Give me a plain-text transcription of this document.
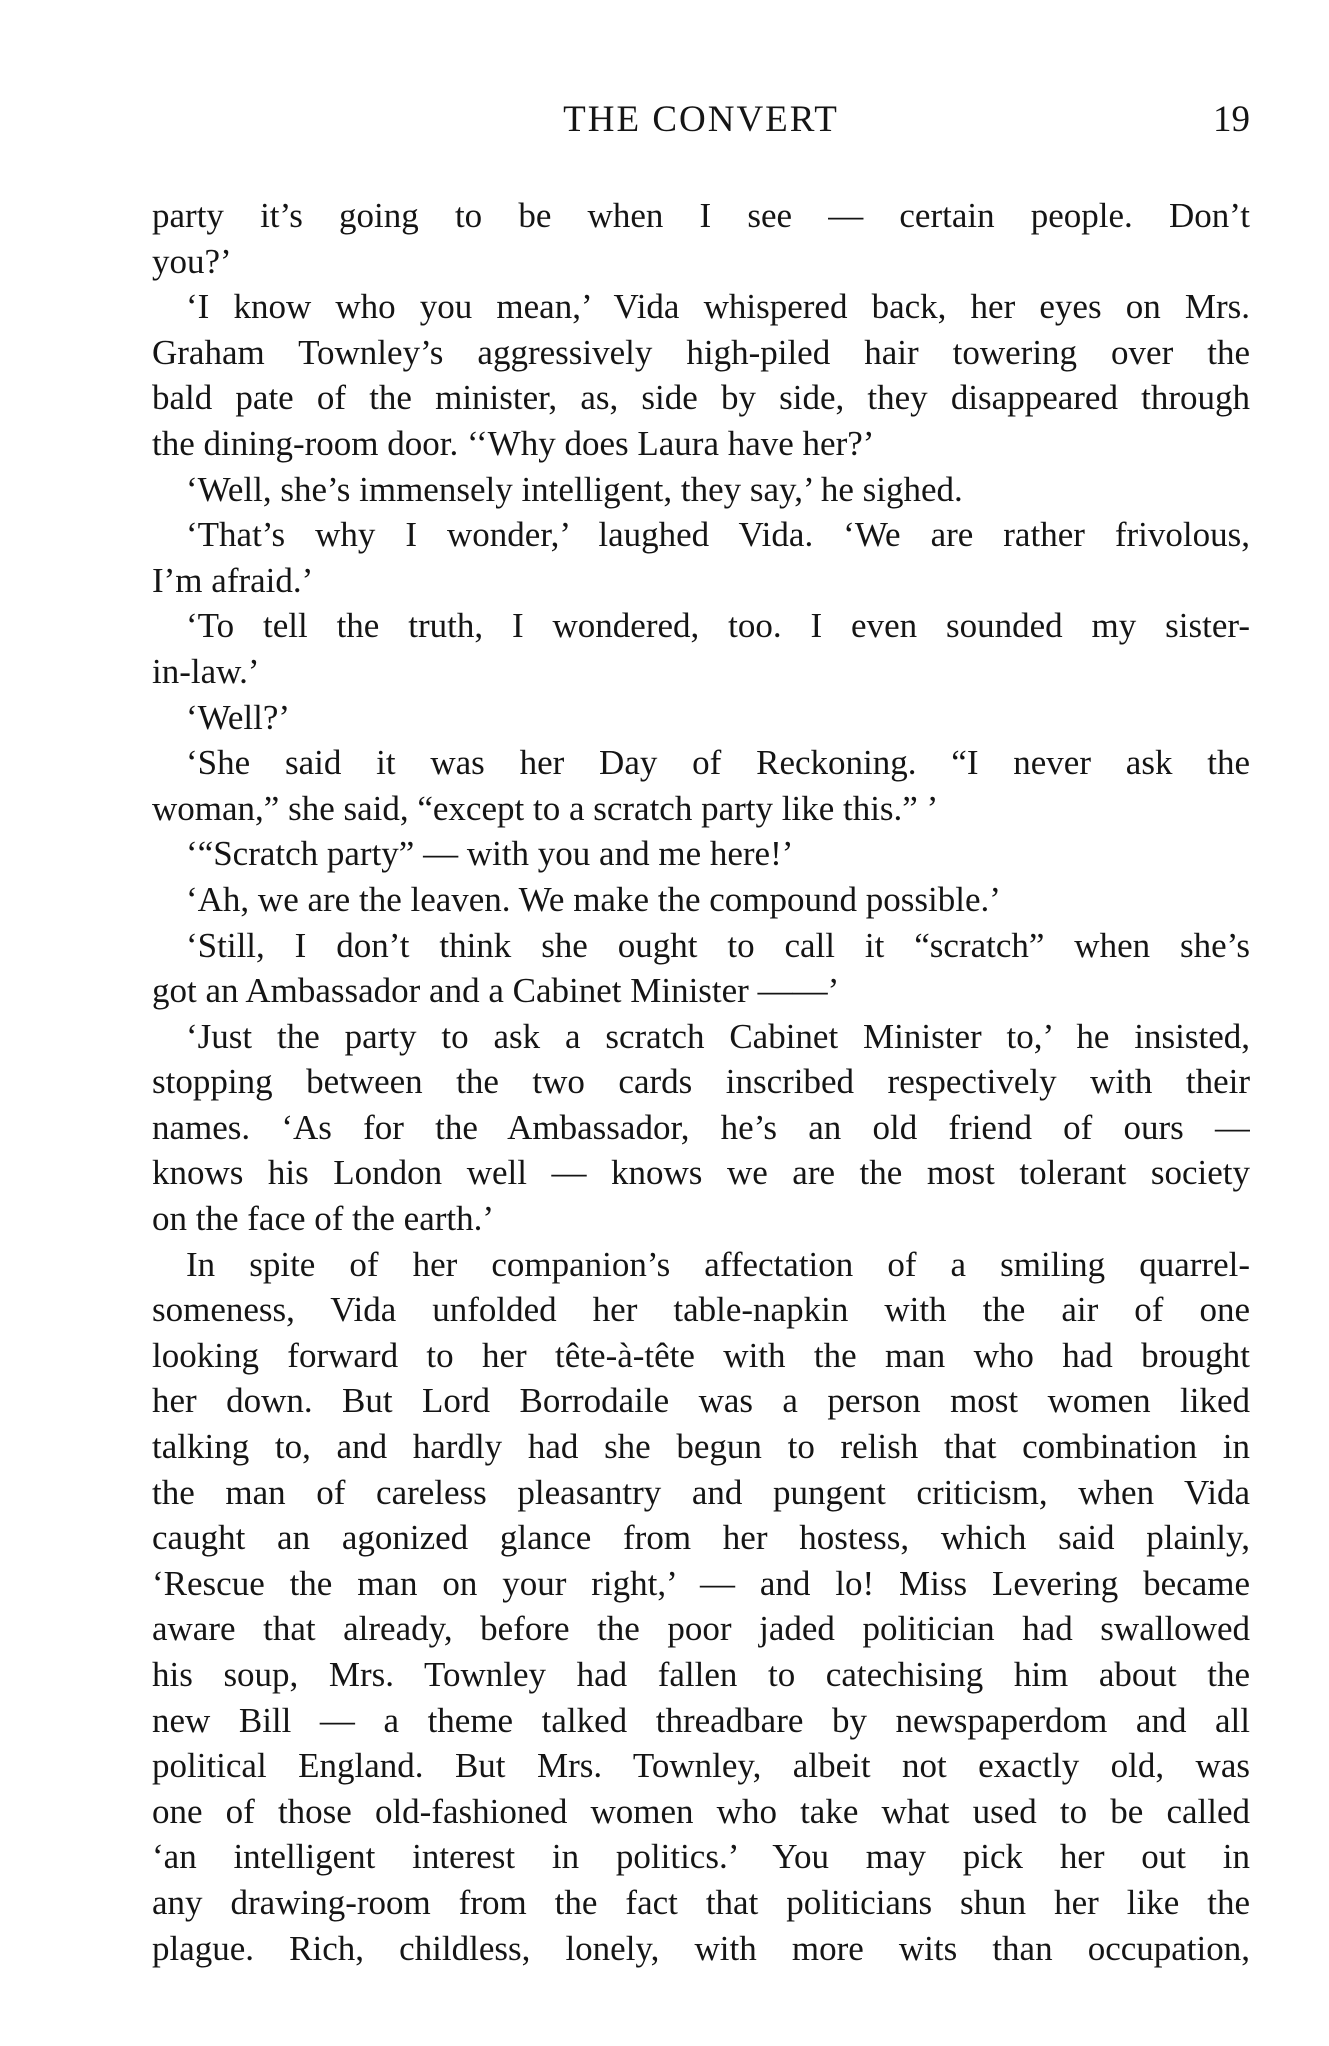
THE CONVERT	19
party it’s going to be when I see — certain people. Don’t
you?’
‘I know who you mean,’ Vida whispered back, her eyes on Mrs.
Graham Townley’s aggressively high-piled hair towering over the
bald pate of the minister, as, side by side, they disappeared through
the dining-room door. ‘‘Why does Laura have her?’
‘Well, she’s immensely intelligent, they say,’ he sighed.
‘That’s why I wonder,’ laughed Vida. ‘We are rather frivolous,
I’m afraid.’
‘To tell the truth, I wondered, too. I even sounded my sister-
in-law.’
‘Well?’
‘She said it was her Day of Reckoning. “I never ask the
woman,” she said, “except to a scratch party like this.” ’
‘“Scratch party” — with you and me here!’
‘Ah, we are the leaven. We make the compound possible.’
‘Still, I don’t think she ought to call it “scratch” when she’s
got an Ambassador and a Cabinet Minister ——’
‘Just the party to ask a scratch Cabinet Minister to,’ he insisted,
stopping between the two cards inscribed respectively with their
names. ‘As for the Ambassador, he’s an old friend of ours —
knows his London well — knows we are the most tolerant society
on the face of the earth.’
In spite of her companion’s affectation of a smiling quarrel-
someness, Vida unfolded her table-napkin with the air of one
looking forward to her tête-à-tête with the man who had brought
her down. But Lord Borrodaile was a person most women liked
talking to, and hardly had she begun to relish that combination in
the man of careless pleasantry and pungent criticism, when Vida
caught an agonized glance from her hostess, which said plainly,
‘Rescue the man on your right,’ — and lo! Miss Levering became
aware that already, before the poor jaded politician had swallowed
his soup, Mrs. Townley had fallen to catechising him about the
new Bill — a theme talked threadbare by newspaperdom and all
political England. But Mrs. Townley, albeit not exactly old, was
one of those old-fashioned women who take what used to be called
‘an intelligent interest in politics.’ You may pick her out in
any drawing-room from the fact that politicians shun her like the
plague. Rich, childless, lonely, with more wits than occupation,
